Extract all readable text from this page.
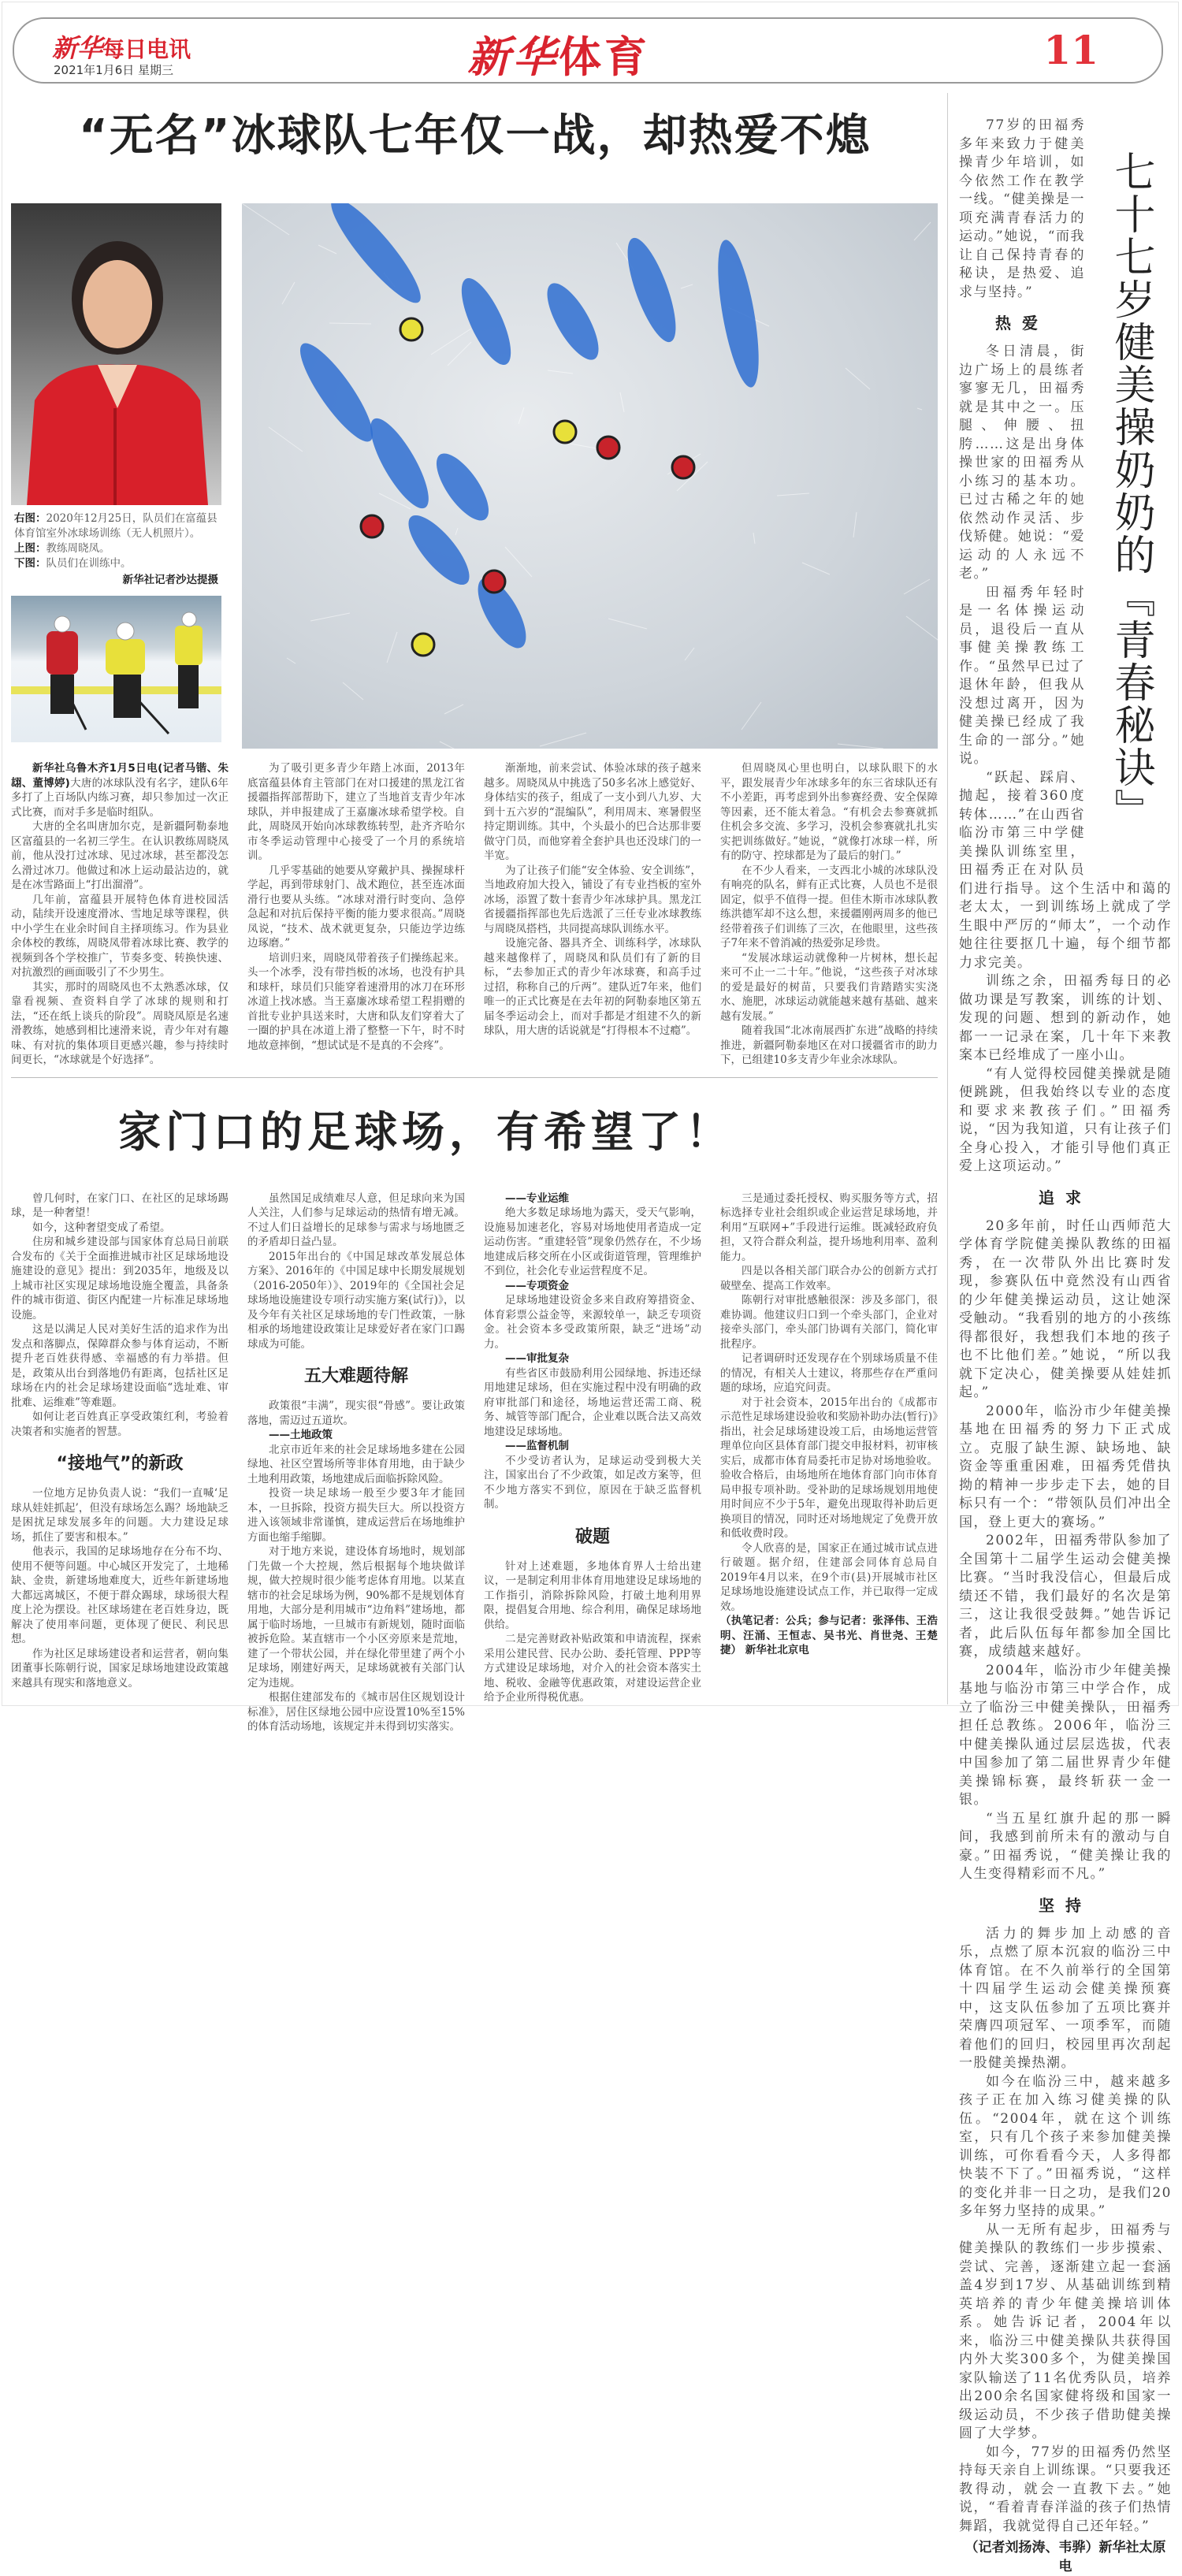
新华每日电讯
2021年1月6日 星期三	新华体育	11
“无名”冰球队七年仅一战，却热爱不熄
右图：2020年12月25日，队员们在富蕴县体育馆室外冰球场训练（无人机照片）。
上图：教练周晓凤。
下图：队员们在训练中。
新华社记者沙达提摄

新华社乌鲁木齐1月5日电(记者马锴、朱翃、董博婷)大唐的冰球队没有名字，建队6年多打了上百场队内练习赛，却只参加过一次正式比赛，而对手多是临时组队。

大唐的全名叫唐加尔克，是新疆阿勒泰地区富蕴县的一名初三学生。在认识教练周晓凤前，他从没打过冰球、见过冰球，甚至都没怎么滑过冰刀。他做过和冰上运动最沾边的，就是在冰雪路面上“打出溜滑”。

几年前，富蕴县开展特色体育进校园活动，陆续开设速度滑冰、雪地足球等课程，供中小学生在业余时间自主择项练习。作为县业余体校的教练，周晓凤带着冰球比赛、教学的视频到各个学校推广，节奏多变、转换快速、对抗激烈的画面吸引了不少男生。

其实，那时的周晓凤也不太熟悉冰球，仅靠看视频、查资料自学了冰球的规则和打法，“还在纸上谈兵的阶段”。周晓凤原是名速滑教练，她感到相比速滑来说，青少年对有趣味、有对抗的集体项目更感兴趣，参与持续时间更长，“冰球就是个好选择”。

为了吸引更多青少年踏上冰面，2013年底富蕴县体育主管部门在对口援建的黑龙江省援疆指挥部帮助下，建立了当地首支青少年冰球队，并申报建成了王嘉廉冰球希望学校。自此，周晓凤开始向冰球教练转型，赴齐齐哈尔市冬季运动管理中心接受了一个月的系统培训。

几乎零基础的她要从穿戴护具、操握球杆学起，再到带球射门、战术跑位，甚至连冰面滑行也要从头练。“冰球对滑行时变向、急停急起和对抗后保持平衡的能力要求很高。”周晓凤说，“技术、战术就更复杂，只能边学边练边琢磨。”

培训归来，周晓凤带着孩子们操练起来。头一个冰季，没有带挡板的冰场，也没有护具和球杆，球员们只能穿着速滑用的冰刀在环形冰道上找冰感。当王嘉廉冰球希望工程捐赠的首批专业护具送来时，大唐和队友们穿着大了一圈的护具在冰道上滑了整整一下午，时不时地故意摔倒，“想试试是不是真的不会疼”。

渐渐地，前来尝试、体验冰球的孩子越来越多。周晓凤从中挑选了50多名冰上感觉好、身体结实的孩子，组成了一支小到八九岁、大到十五六岁的“混编队”，利用周末、寒暑假坚持定期训练。其中，个头最小的巴合达那非要做守门员，而他穿着全套护具也还没球门的一半宽。

为了让孩子们能“安全体验、安全训练”，当地政府加大投入，铺设了有专业挡板的室外冰场，添置了数十套青少年冰球护具。黑龙江省援疆指挥部也先后选派了三任专业冰球教练与周晓凤搭档，共同提高球队训练水平。

设施完备、器具齐全、训练科学，冰球队越来越像样了，周晓凤和队员们有了新的目标，“去参加正式的青少年冰球赛，和高手过过招，称称自己的斤两”。建队近7年来，他们唯一的正式比赛是在去年初的阿勒泰地区第五届冬季运动会上，而对手都是才组建不久的新球队，用大唐的话说就是“打得根本不过瘾”。

但周晓凤心里也明白，以球队眼下的水平，跟发展青少年冰球多年的东三省球队还有不小差距，再考虑到外出参赛经费、安全保障等因素，还不能太着急。“有机会去参赛就抓住机会多交流、多学习，没机会参赛就扎扎实实把训练做好。”她说，“就像打冰球一样，所有的防守、控球都是为了最后的射门。”

在不少人看来，一支西北小城的冰球队没有响亮的队名，鲜有正式比赛，人员也不是很固定，似乎不值得一提。但佳木斯市冰球队教练洪德军却不这么想，来援疆刚两周多的他已经带着孩子们训练了三次，在他眼里，这些孩子7年来不曾消减的热爱弥足珍贵。

“发展冰球运动就像种一片树林，想长起来可不止一二十年。”他说，“这些孩子对冰球的爱是最好的树苗，只要我们肯踏踏实实浇水、施肥，冰球运动就能越来越有基础、越来越有发展。”

随着我国“北冰南展西扩东进”战略的持续推进，新疆阿勒泰地区在对口援疆省市的助力下，已组建10多支青少年业余冰球队。

家门口的足球场，有希望了！

曾几何时，在家门口、在社区的足球场踢球，是一种奢望！

如今，这种奢望变成了希望。

住房和城乡建设部与国家体育总局日前联合发布的《关于全面推进城市社区足球场地设施建设的意见》提出：到2035年，地级及以上城市社区实现足球场地设施全覆盖，具备条件的城市街道、街区内配建一片标准足球场地设施。

这是以满足人民对美好生活的追求作为出发点和落脚点，保障群众参与体育运动，不断提升老百姓获得感、幸福感的有力举措。但是，政策从出台到落地仍有距离，包括社区足球场在内的社会足球场建设面临“选址难、审批难、运维难”等难题。

如何让老百姓真正享受政策红利，考验着决策者和实施者的智慧。

“接地气”的新政

一位地方足协负责人说：“我们一直喊‘足球从娃娃抓起’，但没有球场怎么踢？场地缺乏是困扰足球发展多年的问题。大力建设足球场，抓住了要害和根本。”

他表示，我国的足球场地存在分布不均、使用不便等问题。中心城区开发完了，土地稀缺、金贵，新建场地难度大，近些年新建场地大都远离城区，不便于群众踢球，球场很大程度上沦为摆设。社区球场建在老百姓身边，既解决了使用率问题，更体现了便民、利民思想。

作为社区足球场建设者和运营者，朝向集团董事长陈朝行说，国家足球场地建设政策越来越具有现实和落地意义。

虽然国足成绩难尽人意，但足球向来为国人关注，人们参与足球运动的热情有增无减。不过人们日益增长的足球参与需求与场地匮乏的矛盾却日益凸显。

2015年出台的《中国足球改革发展总体方案》、2016年的《中国足球中长期发展规划（2016-2050年）》、2019年的《全国社会足球场地设施建设专项行动实施方案(试行)》，以及今年有关社区足球场地的专门性政策，一脉相承的场地建设政策让足球爱好者在家门口踢球成为可能。

五大难题待解

政策很“丰满”，现实很“骨感”。要让政策落地，需迈过五道坎。

——土地政策

北京市近年来的社会足球场地多建在公园绿地、社区空置场所等非体育用地，由于缺少土地利用政策，场地建成后面临拆除风险。

投资一块足球场一般至少要3年才能回本，一旦拆除，投资方损失巨大。所以投资方进入该领域非常谨慎，建成运营后在场地维护方面也缩手缩脚。

对于地方来说，建设体育场地时，规划部门先做一个大控规，然后根据每个地块做详规，做大控规时很少能考虑体育用地。以某直辖市的社会足球场为例，90%都不是规划体育用地，大部分是利用城市“边角料”建场地，都属于临时场地，一旦城市有新规划，随时面临被拆危险。某直辖市一个小区旁原来是荒地，建了一个带状公园，并在绿化带里建了两个小足球场，刚建好两天，足球场就被有关部门认定为违规。

根据住建部发布的《城市居住区规划设计标准》，居住区绿地公园中应设置10%至15%的体育活动场地，该规定并未得到切实落实。

——专业运维

绝大多数足球场地为露天，受天气影响，设施易加速老化，容易对场地使用者造成一定运动伤害。“重建轻管”现象仍然存在，不少场地建成后移交所在小区或街道管理，管理维护不到位，社会化专业运营程度不足。

——专项资金

足球场地建设资金多来自政府筹措资金、体育彩票公益金等，来源较单一，缺乏专项资金。社会资本多受政策所限，缺乏“进场”动力。

——审批复杂

有些省区市鼓励利用公园绿地、拆违还绿用地建足球场，但在实施过程中没有明确的政府审批部门和途径，场地运营还需工商、税务、城管等部门配合，企业难以既合法又高效地建设足球场地。

——监督机制

不少受访者认为，足球运动受到极大关注，国家出台了不少政策，如足改方案等，但不少地方落实不到位，原因在于缺乏监督机制。

破题

针对上述难题，多地体育界人士给出建议，一是制定利用非体育用地建设足球场地的工作指引，消除拆除风险，打破土地利用界限，提倡复合用地、综合利用，确保足球场地供给。

二是完善财政补贴政策和申请流程，探索采用公建民营、民办公助、委托管理、PPP等方式建设足球场地，对介入的社会资本落实土地、税收、金融等优惠政策，对建设运营企业给予企业所得税优惠。

三是通过委托授权、购买服务等方式，招标选择专业社会组织或企业运营足球场地，并利用“互联网+”手段进行运维。既减轻政府负担，又符合群众利益，提升场地利用率、盈利能力。

四是以各相关部门联合办公的创新方式打破壁垒、提高工作效率。

陈朝行对审批感触很深：涉及多部门，很难协调。他建议归口到一个牵头部门，企业对接牵头部门，牵头部门协调有关部门，简化审批程序。

记者调研时还发现存在个别球场质量不佳的情况，有相关人士建议，将那些存在严重问题的球场，应追究问责。

对于社会资本，2015年出台的《成都市示范性足球场建设验收和奖励补助办法(暂行)》指出，社会足球场建设竣工后，由场地运营管理单位向区县体育部门提交申报材料，初审核实后，成都市体育局委托市足协对场地验收。验收合格后，由场地所在地体育部门向市体育局申报专项补助。受补助的足球场规划用地使用时间应不少于5年，避免出现取得补助后更换项目的情况，同时还对场地规定了免费开放和低收费时段。

令人欣喜的是，国家正在通过城市试点进行破题。据介绍，住建部会同体育总局自2019年4月以来，在9个市(县)开展城市社区足球场地设施建设试点工作，并已取得一定成效。

（执笔记者：公兵；参与记者：张泽伟、王浩明、汪涌、王恒志、吴书光、肖世尧、王楚捷） 新华社北京电

七十七岁健美操奶奶的『青春秘诀』

77岁的田福秀多年来致力于健美操青少年培训，如今依然工作在教学一线。“健美操是一项充满青春活力的运动。”她说，“而我让自己保持青春的秘诀，是热爱、追求与坚持。”

热爱

冬日清晨，街边广场上的晨练者寥寥无几，田福秀就是其中之一。压腿、伸腰、扭胯……这是出身体操世家的田福秀从小练习的基本功。已过古稀之年的她依然动作灵活、步伐矫健。她说：“爱运动的人永远不老。”

田福秀年轻时是一名体操运动员，退役后一直从事健美操教练工作。“虽然早已过了退休年龄，但我从没想过离开，因为健美操已经成了我生命的一部分。”她说。

“跃起、踩肩、抛起，接着360度转体……”在山西省临汾市第三中学健美操队训练室里，田福秀正在对队员们进行指导。这个生活中和蔼的老太太，一到训练场上就成了学生眼中严厉的“师太”，一个动作她往往要抠几十遍，每个细节都力求完美。

训练之余，田福秀每日的必做功课是写教案，训练的计划、发现的问题、想到的新动作，她都一一记录在案，几十年下来教案本已经堆成了一座小山。

“有人觉得校园健美操就是随便跳跳，但我始终以专业的态度和要求来教孩子们。”田福秀说，“因为我知道，只有让孩子们全身心投入，才能引导他们真正爱上这项运动。”

追求

20多年前，时任山西师范大学体育学院健美操队教练的田福秀，在一次带队外出比赛时发现，参赛队伍中竟然没有山西省的少年健美操运动员，这让她深受触动。“我看别的地方的小孩练得都很好，我想我们本地的孩子也不比他们差。”她说，“所以我就下定决心，健美操要从娃娃抓起。”

2000年，临汾市少年健美操基地在田福秀的努力下正式成立。克服了缺生源、缺场地、缺资金等重重困难，田福秀凭借执拗的精神一步步走下去，她的目标只有一个：“带领队员们冲出全国，登上更大的赛场。”

2002年，田福秀带队参加了全国第十二届学生运动会健美操比赛。“当时我没信心，但最后成绩还不错，我们最好的名次是第三，这让我很受鼓舞。”她告诉记者，此后队伍每年都参加全国比赛，成绩越来越好。

2004年，临汾市少年健美操基地与临汾市第三中学合作，成立了临汾三中健美操队，田福秀担任总教练。2006年，临汾三中健美操队通过层层选拔，代表中国参加了第二届世界青少年健美操锦标赛，最终斩获一金一银。

“当五星红旗升起的那一瞬间，我感到前所未有的激动与自豪。”田福秀说，“健美操让我的人生变得精彩而不凡。”

坚持

活力的舞步加上动感的音乐，点燃了原本沉寂的临汾三中体育馆。在不久前举行的全国第十四届学生运动会健美操预赛中，这支队伍参加了五项比赛并荣膺四项冠军、一项季军，而随着他们的回归，校园里再次刮起一股健美操热潮。

如今在临汾三中，越来越多孩子正在加入练习健美操的队伍。“2004年，就在这个训练室，只有几个孩子来参加健美操训练，可你看看今天，人多得都快装不下了。”田福秀说，“这样的变化并非一日之功，是我们20多年努力坚持的成果。”

从一无所有起步，田福秀与健美操队的教练们一步步摸索、尝试、完善，逐渐建立起一套涵盖4岁到17岁、从基础训练到精英培养的青少年健美操培训体系。她告诉记者，2004年以来，临汾三中健美操队共获得国内外大奖300多个，为健美操国家队输送了11名优秀队员，培养出200余名国家健将级和国家一级运动员，不少孩子借助健美操圆了大学梦。

如今，77岁的田福秀仍然坚持每天亲自上训练课。“只要我还教得动，就会一直教下去。”她说，“看着青春洋溢的孩子们热情舞蹈，我就觉得自己还年轻。”

（记者刘扬涛、韦骅）新华社太原电
